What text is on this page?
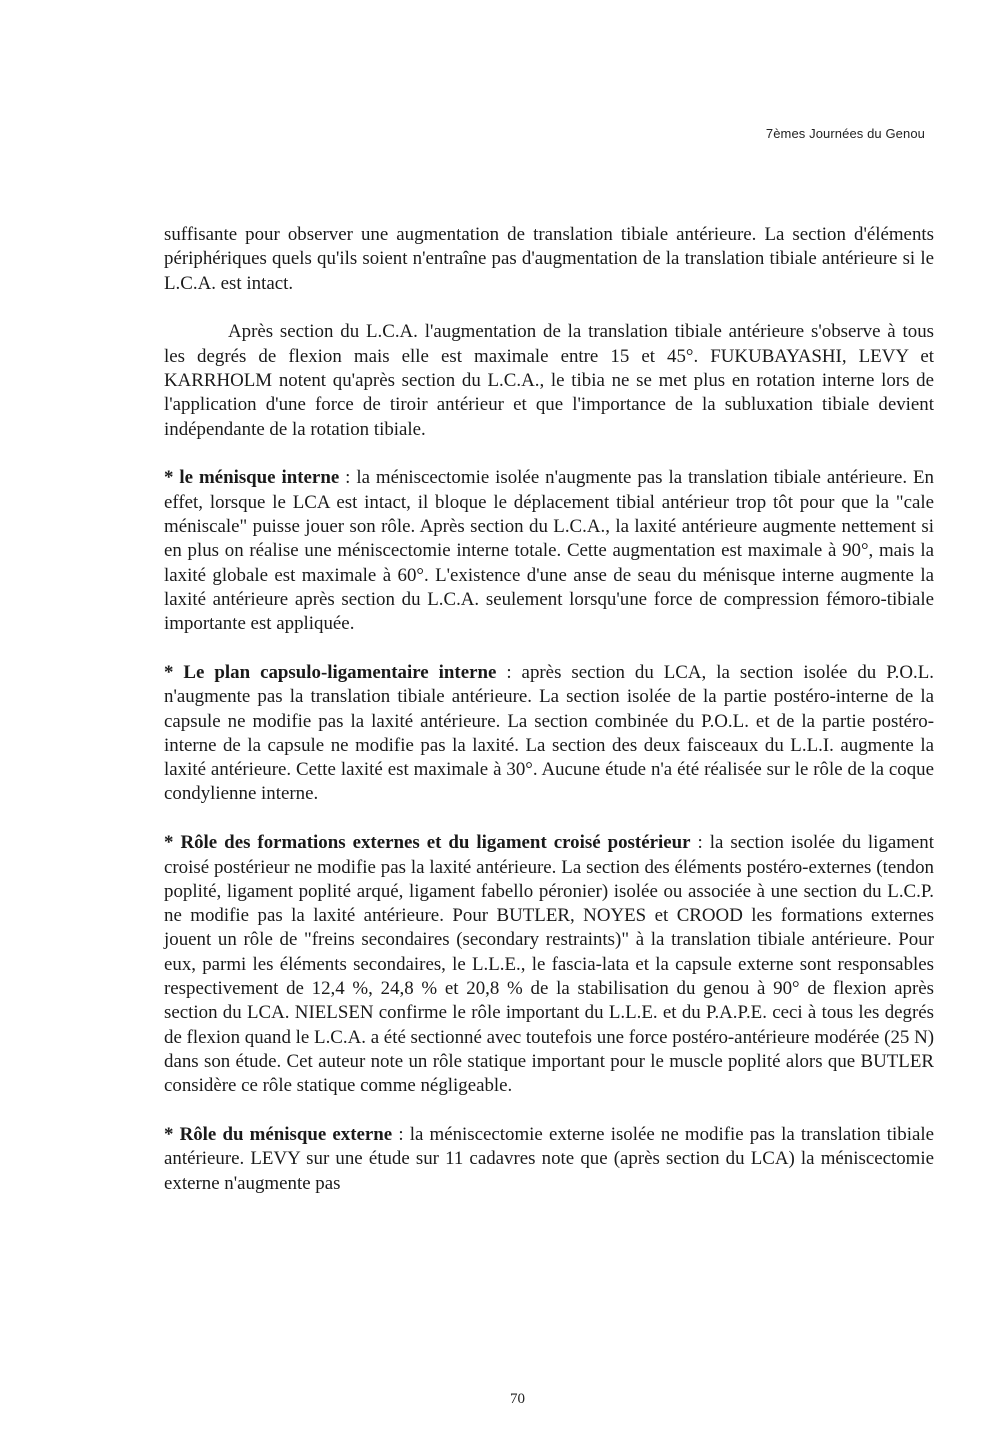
7èmes Journées du Genou

suffisante pour observer une augmentation de translation tibiale antérieure. La section d'éléments périphériques quels qu'ils soient n'entraîne pas d'augmentation de la translation tibiale antérieure si le L.C.A. est intact.

Après section du L.C.A. l'augmentation de la translation tibiale antérieure s'observe à tous les degrés de flexion mais elle est maximale entre 15 et 45°. FUKUBAYASHI, LEVY et KARRHOLM notent qu'après section du L.C.A., le tibia ne se met plus en rotation interne lors de l'application d'une force de tiroir antérieur et que l'importance de la subluxation tibiale devient indépendante de la rotation tibiale.

* le ménisque interne : la méniscectomie isolée n'augmente pas la translation tibiale antérieure. En effet, lorsque le LCA est intact, il bloque le déplacement tibial antérieur trop tôt pour que la "cale méniscale" puisse jouer son rôle. Après section du L.C.A., la laxité antérieure augmente nettement si en plus on réalise une méniscectomie interne totale. Cette augmentation est maximale à 90°, mais la laxité globale est maximale à 60°. L'existence d'une anse de seau du ménisque interne augmente la laxité antérieure après section du L.C.A. seulement lorsqu'une force de compression fémoro-tibiale importante est appliquée.

* Le plan capsulo-ligamentaire interne : après section du LCA, la section isolée du P.O.L. n'augmente pas la translation tibiale antérieure. La section isolée de la partie postéro-interne de la capsule ne modifie pas la laxité antérieure. La section combinée du P.O.L. et de la partie postéro-interne de la capsule ne modifie pas la laxité. La section des deux faisceaux du L.L.I. augmente la laxité antérieure. Cette laxité est maximale à 30°. Aucune étude n'a été réalisée sur le rôle de la coque condylienne interne.

* Rôle des formations externes et du ligament croisé postérieur : la section isolée du ligament croisé postérieur ne modifie pas la laxité antérieure. La section des éléments postéro-externes (tendon poplité, ligament poplité arqué, ligament fabello péronier) isolée ou associée à une section du L.C.P. ne modifie pas la laxité antérieure. Pour BUTLER, NOYES et CROOD les formations externes jouent un rôle de "freins secondaires (secondary restraints)" à la translation tibiale antérieure. Pour eux, parmi les éléments secondaires, le L.L.E., le fascia-lata et la capsule externe sont responsables respectivement de 12,4 %, 24,8 % et 20,8 % de la stabilisation du genou à 90° de flexion après section du LCA. NIELSEN confirme le rôle important du L.L.E. et du P.A.P.E. ceci à tous les degrés de flexion quand le L.C.A. a été sectionné avec toutefois une force postéro-antérieure modérée (25 N) dans son étude. Cet auteur note un rôle statique important pour le muscle poplité alors que BUTLER considère ce rôle statique comme négligeable.

* Rôle du ménisque externe : la méniscectomie externe isolée ne modifie pas la translation tibiale antérieure. LEVY sur une étude sur 11 cadavres note que (après section du LCA) la méniscectomie externe n'augmente pas

70
